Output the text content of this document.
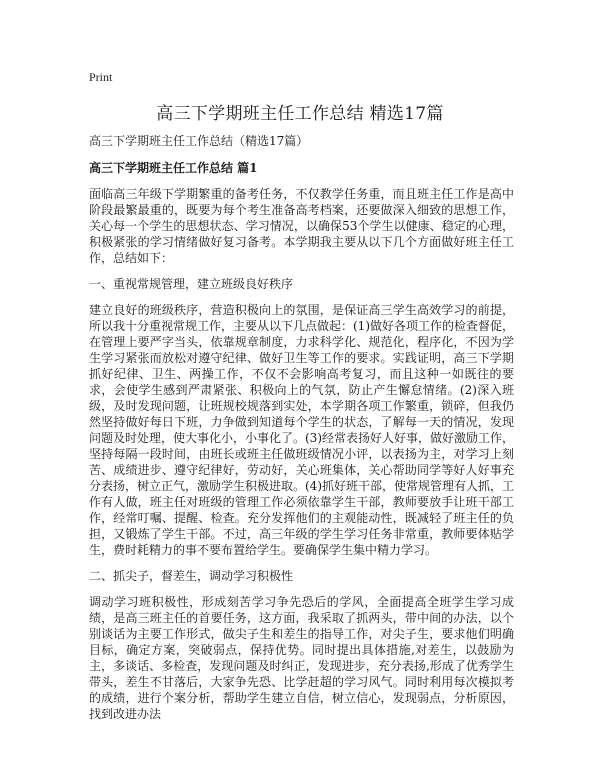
Print
高三下学期班主任工作总结 精选17篇

高三下学期班主任工作总结（精选17篇）

高三下学期班主任工作总结 篇1

面临高三年级下学期繁重的备考任务，不仅教学任务重，而且班主任工作是高中阶段最繁最重的，既要为每个考生准备高考档案，还要做深入细致的思想工作，关心每一个学生的思想状态、学习情况，以确保53个学生以健康、稳定的心理，积极紧张的学习情绪做好复习备考。本学期我主要从以下几个方面做好班主任工作，总结如下：

一、重视常规管理，建立班级良好秩序

建立良好的班级秩序，营造积极向上的氛围，是保证高三学生高效学习的前提，所以我十分重视常规工作，主要从以下几点做起：(1)做好各项工作的检查督促，在管理上要严字当头，依靠规章制度，力求科学化、规范化，程序化，不因为学生学习紧张而放松对遵守纪律、做好卫生等工作的要求。实践证明，高三下学期抓好纪律、卫生、两操工作，不仅不会影响高考复习，而且这种一如既往的要求，会使学生感到严肃紧张、积极向上的气氛，防止产生懈怠情绪。(2)深入班级，及时发现问题，让班规校规落到实处，本学期各项工作繁重，锁碎，但我仍然坚持做好每日下班，力争做到知道每个学生的状态，了解每一天的情况，发现问题及时处理，使大事化小，小事化了。(3)经常表扬好人好事，做好激励工作，坚持每隔一段时间，由班长或班主任做班级情况小评，以表扬为主，对学习上刻苦、成绩进步、遵守纪律好，劳动好，关心班集体，关心帮助同学等好人好事充分表扬，树立正气，激励学生积极进取。(4)抓好班干部，使常规管理有人抓，工作有人做，班主任对班级的管理工作必须依靠学生干部，教师要放手让班干部工作，经常叮嘱、提醒、检查。充分发挥他们的主观能动性，既减轻了班主任的负担，又锻炼了学生干部。不过，高三年级的学生学习任务非常重，教师要体贴学生，费时耗精力的事不要布置给学生。要确保学生集中精力学习。

二、抓尖子，督差生，调动学习积极性

调动学习班积极性，形成刻苦学习争先恐后的学风，全面提高全班学生学习成绩，是高三班主任的首要任务，这方面，我采取了抓两头，带中间的办法，以个别谈话为主要工作形式，做尖子生和差生的指导工作，对尖子生，要求他们明确目标，确定方案，突破弱点，保持优势。同时提出具体措施,对差生，以鼓励为主，多谈话、多检查，发现问题及时纠正，发现进步，充分表扬,形成了优秀学生带头，差生不甘落后，大家争先恐、比学赶超的学习风气。同时利用每次模拟考的成绩，进行个案分析，帮助学生建立自信，树立信心，发现弱点，分析原因，找到改进办法
